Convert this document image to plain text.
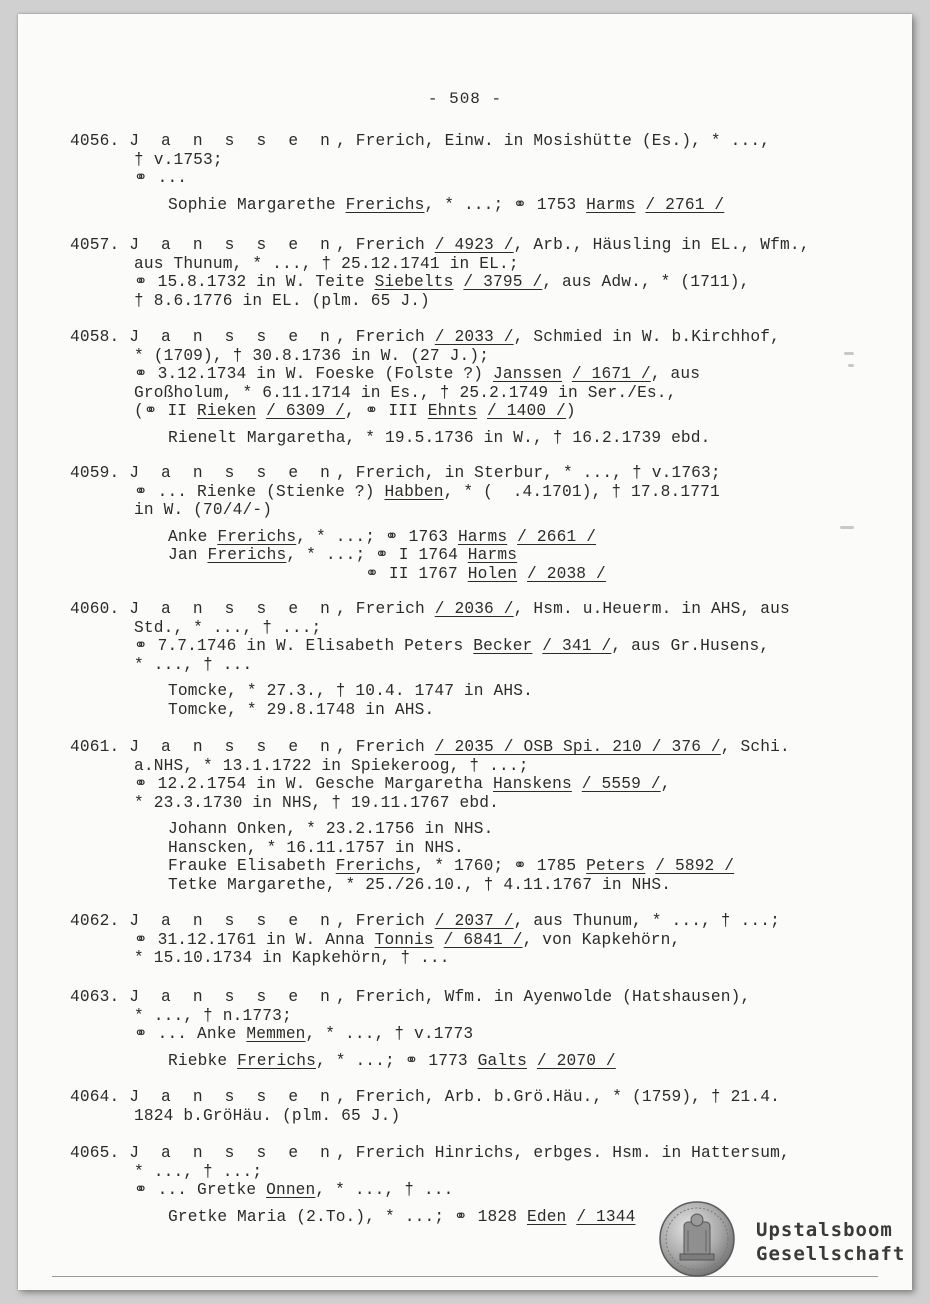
- 508 -
4056. J a n s s e n, Frerich, Einw. in Mosishütte (Es.), * ...,
† v.1753;
⚭ ...
Sophie Margarethe Frerichs, * ...; ⚭ 1753 Harms / 2761 /
4057. J a n s s e n, Frerich / 4923 /, Arb., Häusling in EL., Wfm.,
aus Thunum, * ..., † 25.12.1741 in EL.;
⚭ 15.8.1732 in W. Teite Siebelts / 3795 /, aus Adw., * (1711),
† 8.6.1776 in EL. (plm. 65 J.)
4058. J a n s s e n, Frerich / 2033 /, Schmied in W. b.Kirchhof,
* (1709), † 30.8.1736 in W. (27 J.);
⚭ 3.12.1734 in W. Foeske (Folste ?) Janssen / 1671 /, aus
Großholum, * 6.11.1714 in Es., † 25.2.1749 in Ser./Es.,
(⚭ II Rieken / 6309 /, ⚭ III Ehnts / 1400 /)
Rienelt Margaretha, * 19.5.1736 in W., † 16.2.1739 ebd.
4059. J a n s s e n, Frerich, in Sterbur, * ..., † v.1763;
⚭ ... Rienke (Stienke ?) Habben, * (  .4.1701), † 17.8.1771
in W. (70/4/-)
Anke Frerichs, * ...; ⚭ 1763 Harms / 2661 /
Jan Frerichs, * ...; ⚭ I 1764 Harms
⚭ II 1767 Holen / 2038 /
4060. J a n s s e n, Frerich / 2036 /, Hsm. u.Heuerm. in AHS, aus
Std., * ..., † ...;
⚭ 7.7.1746 in W. Elisabeth Peters Becker / 341 /, aus Gr.Husens,
* ..., † ...
Tomcke, * 27.3., † 10.4. 1747 in AHS.
Tomcke, * 29.8.1748 in AHS.
4061. J a n s s e n, Frerich / 2035 / OSB Spi. 210 / 376 /, Schi.
a.NHS, * 13.1.1722 in Spiekeroog, † ...;
⚭ 12.2.1754 in W. Gesche Margaretha Hanskens / 5559 /,
* 23.3.1730 in NHS, † 19.11.1767 ebd.
Johann Onken, * 23.2.1756 in NHS.
Hanscken, * 16.11.1757 in NHS.
Frauke Elisabeth Frerichs, * 1760; ⚭ 1785 Peters / 5892 /
Tetke Margarethe, * 25./26.10., † 4.11.1767 in NHS.
4062. J a n s s e n, Frerich / 2037 /, aus Thunum, * ..., † ...;
⚭ 31.12.1761 in W. Anna Tonnis / 6841 /, von Kapkehörn,
* 15.10.1734 in Kapkehörn, † ...
4063. J a n s s e n, Frerich, Wfm. in Ayenwolde (Hatshausen),
* ..., † n.1773;
⚭ ... Anke Memmen, * ..., † v.1773
Riebke Frerichs, * ...; ⚭ 1773 Galts / 2070 /
4064. J a n s s e n, Frerich, Arb. b.Grö.Häu., * (1759), † 21.4.
1824 b.GröHäu. (plm. 65 J.)
4065. J a n s s e n, Frerich Hinrichs, erbges. Hsm. in Hattersum,
* ..., † ...;
⚭ ... Gretke Onnen, * ..., † ...
Gretke Maria (2.To.), * ...; ⚭ 1828 Eden / 1344
Upstalsboom
Gesellschaft
